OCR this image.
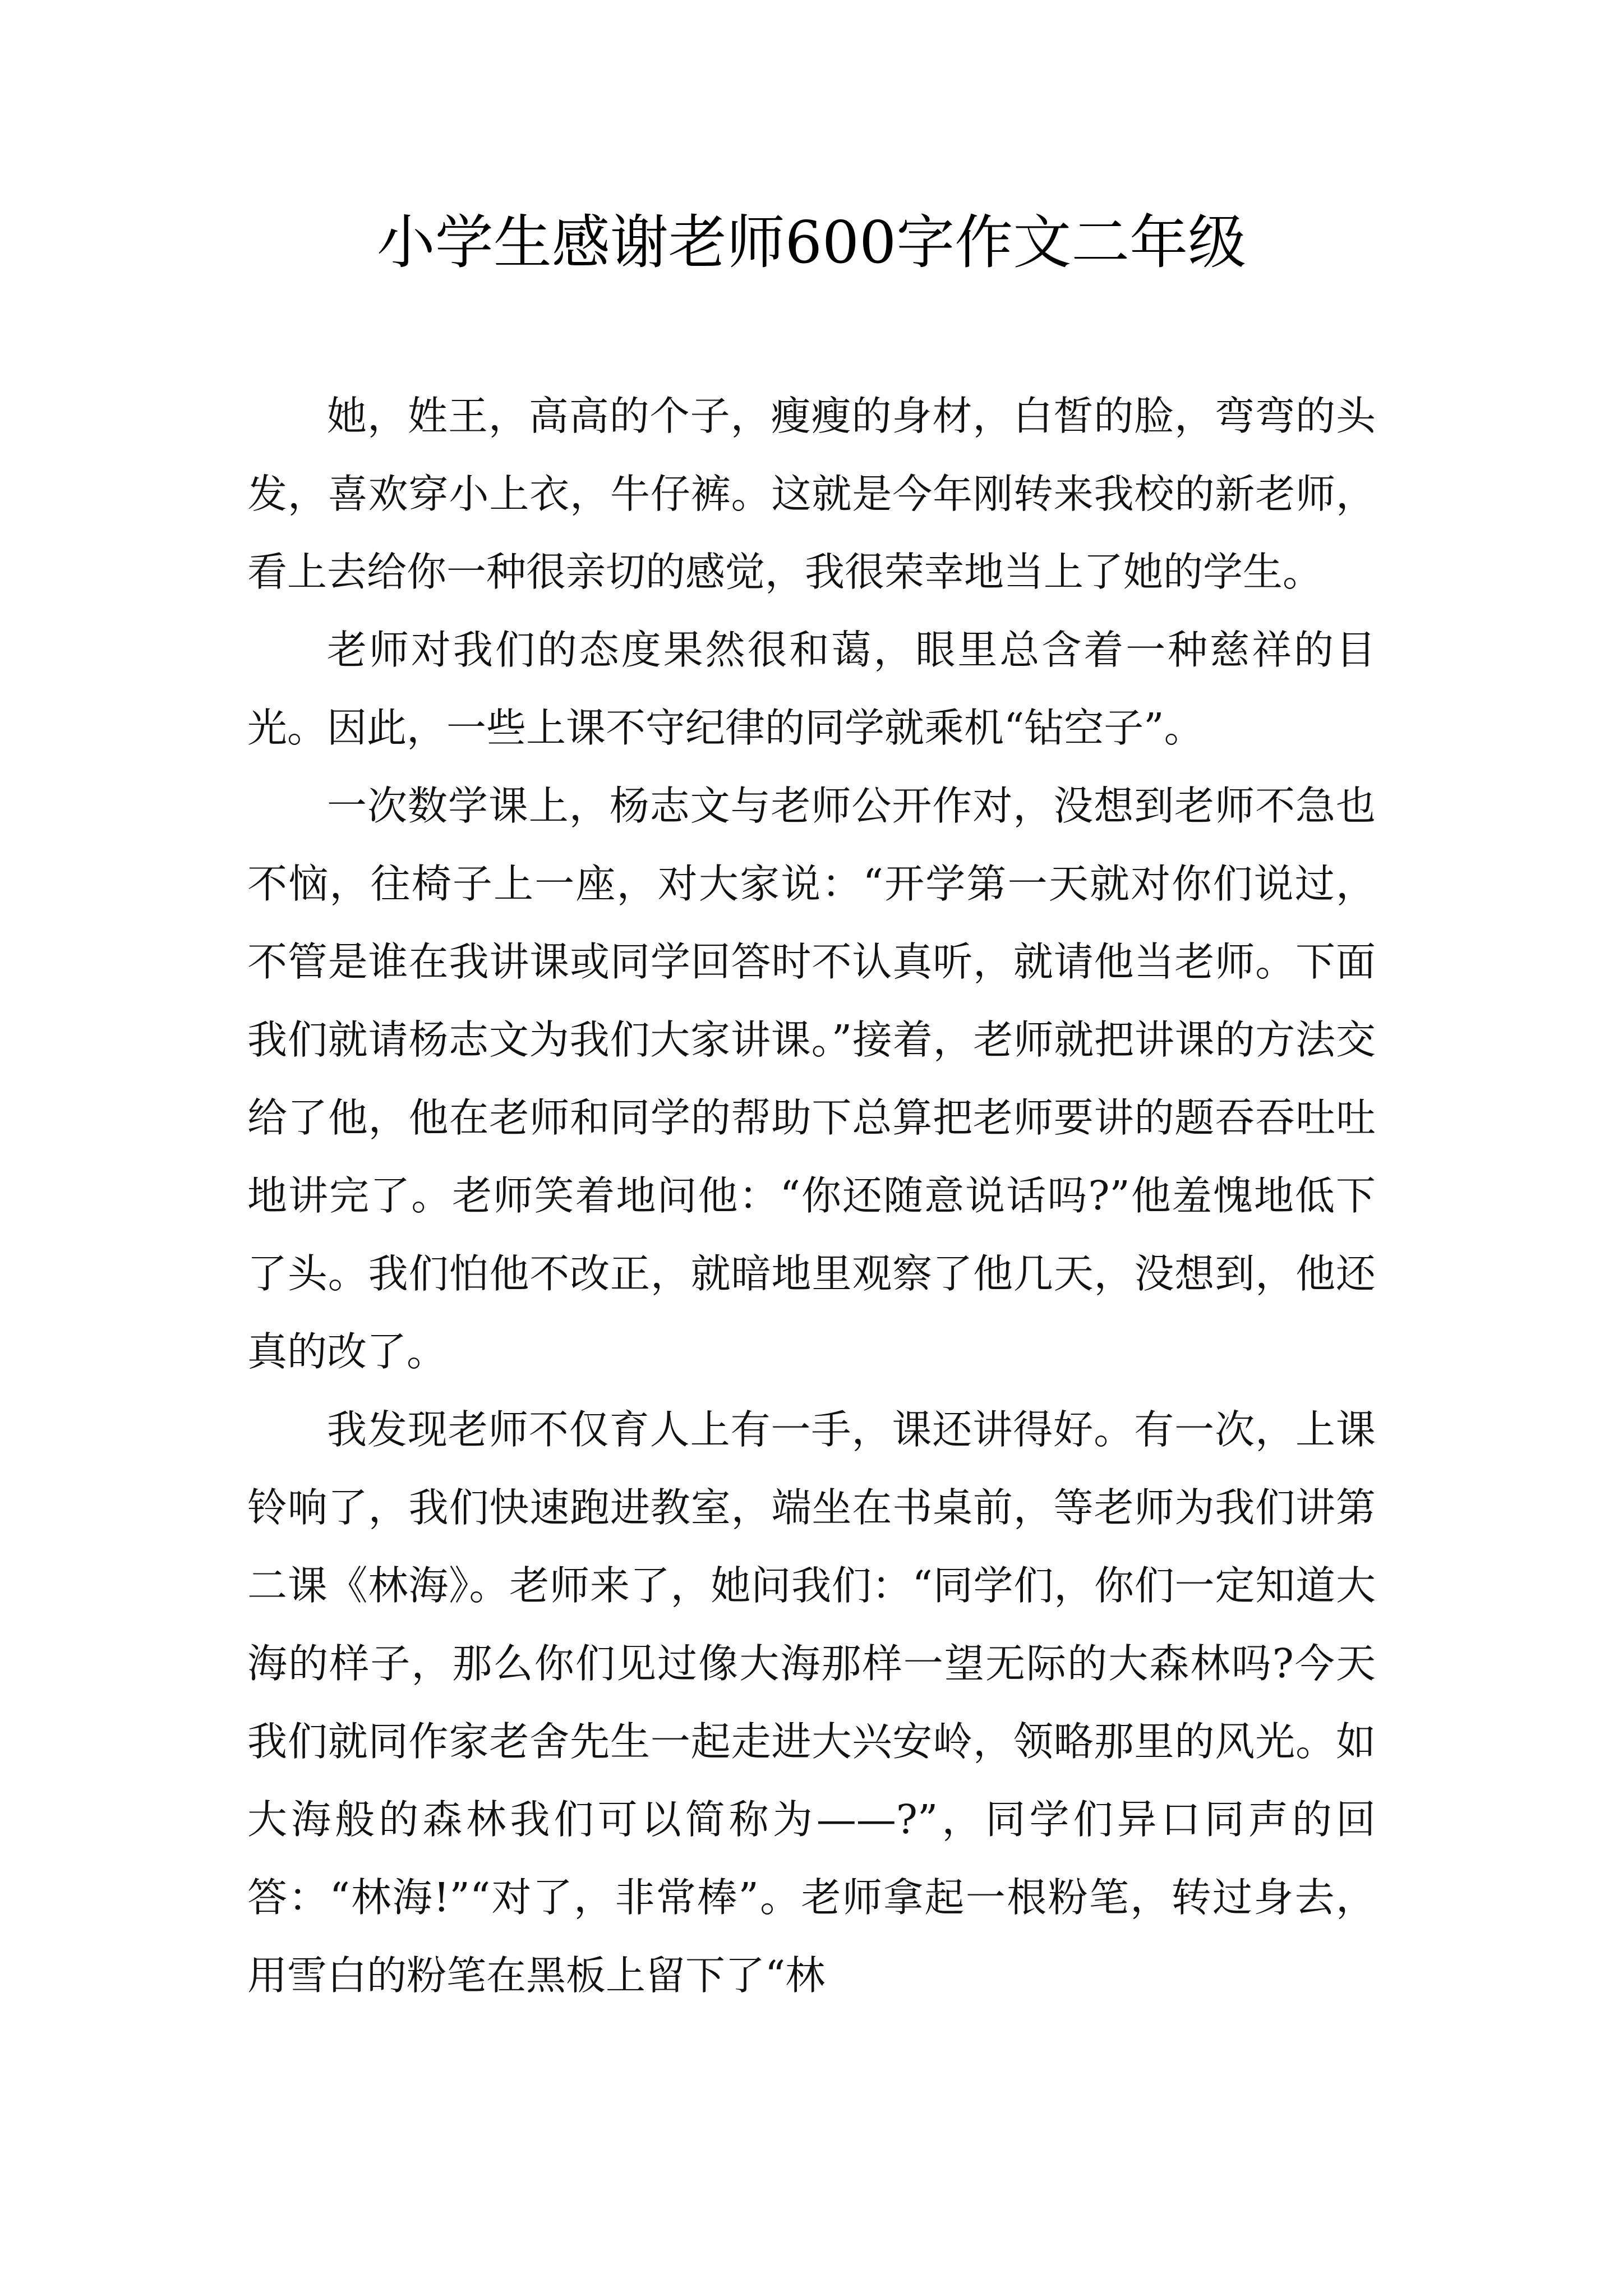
小学生感谢老师600字作文二年级

她，姓王，高高的个子，瘦瘦的身材，白皙的脸，弯弯的头发，喜欢穿小上衣，牛仔裤。这就是今年刚转来我校的新老师，看上去给你一种很亲切的感觉，我很荣幸地当上了她的学生。

老师对我们的态度果然很和蔼，眼里总含着一种慈祥的目光。因此，一些上课不守纪律的同学就乘机“钻空子”。

一次数学课上，杨志文与老师公开作对，没想到老师不急也不恼，往椅子上一座，对大家说：“开学第一天就对你们说过，不管是谁在我讲课或同学回答时不认真听，就请他当老师。下面我们就请杨志文为我们大家讲课。”接着，老师就把讲课的方法交给了他，他在老师和同学的帮助下总算把老师要讲的题吞吞吐吐地讲完了。老师笑着地问他：“你还随意说话吗?”他羞愧地低下了头。我们怕他不改正，就暗地里观察了他几天，没想到，他还真的改了。

我发现老师不仅育人上有一手，课还讲得好。有一次，上课铃响了，我们快速跑进教室，端坐在书桌前，等老师为我们讲第二课《林海》。老师来了，她问我们：“同学们，你们一定知道大海的样子，那么你们见过像大海那样一望无际的大森林吗?今天我们就同作家老舍先生一起走进大兴安岭，领略那里的风光。如大海般的森林我们可以简称为——?”，同学们异口同声的回答：“林海!”“对了，非常棒”。老师拿起一根粉笔，转过身去，用雪白的粉笔在黑板上留下了“林
